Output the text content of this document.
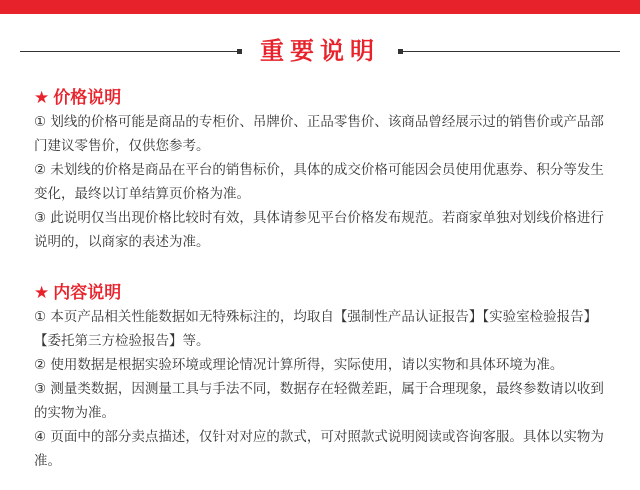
重要说明
★ 价格说明

① 划线的价格可能是商品的专柜价、吊牌价、正品零售价、该商品曾经展示过的销售价或产品部门建议零售价，仅供您参考。

② 未划线的价格是商品在平台的销售标价，具体的成交价格可能因会员使用优惠券、积分等发生变化，最终以订单结算页价格为准。

③ 此说明仅当出现价格比较时有效，具体请参见平台价格发布规范。若商家单独对划线价格进行说明的，以商家的表述为准。

★ 内容说明

① 本页产品相关性能数据如无特殊标注的，均取自【强制性产品认证报告】【实验室检验报告】【委托第三方检验报告】等。

② 使用数据是根据实验环境或理论情况计算所得，实际使用，请以实物和具体环境为准。

③ 测量类数据，因测量工具与手法不同，数据存在轻微差距，属于合理现象，最终参数请以收到的实物为准。

④ 页面中的部分卖点描述，仅针对对应的款式，可对照款式说明阅读或咨询客服。具体以实物为准。
